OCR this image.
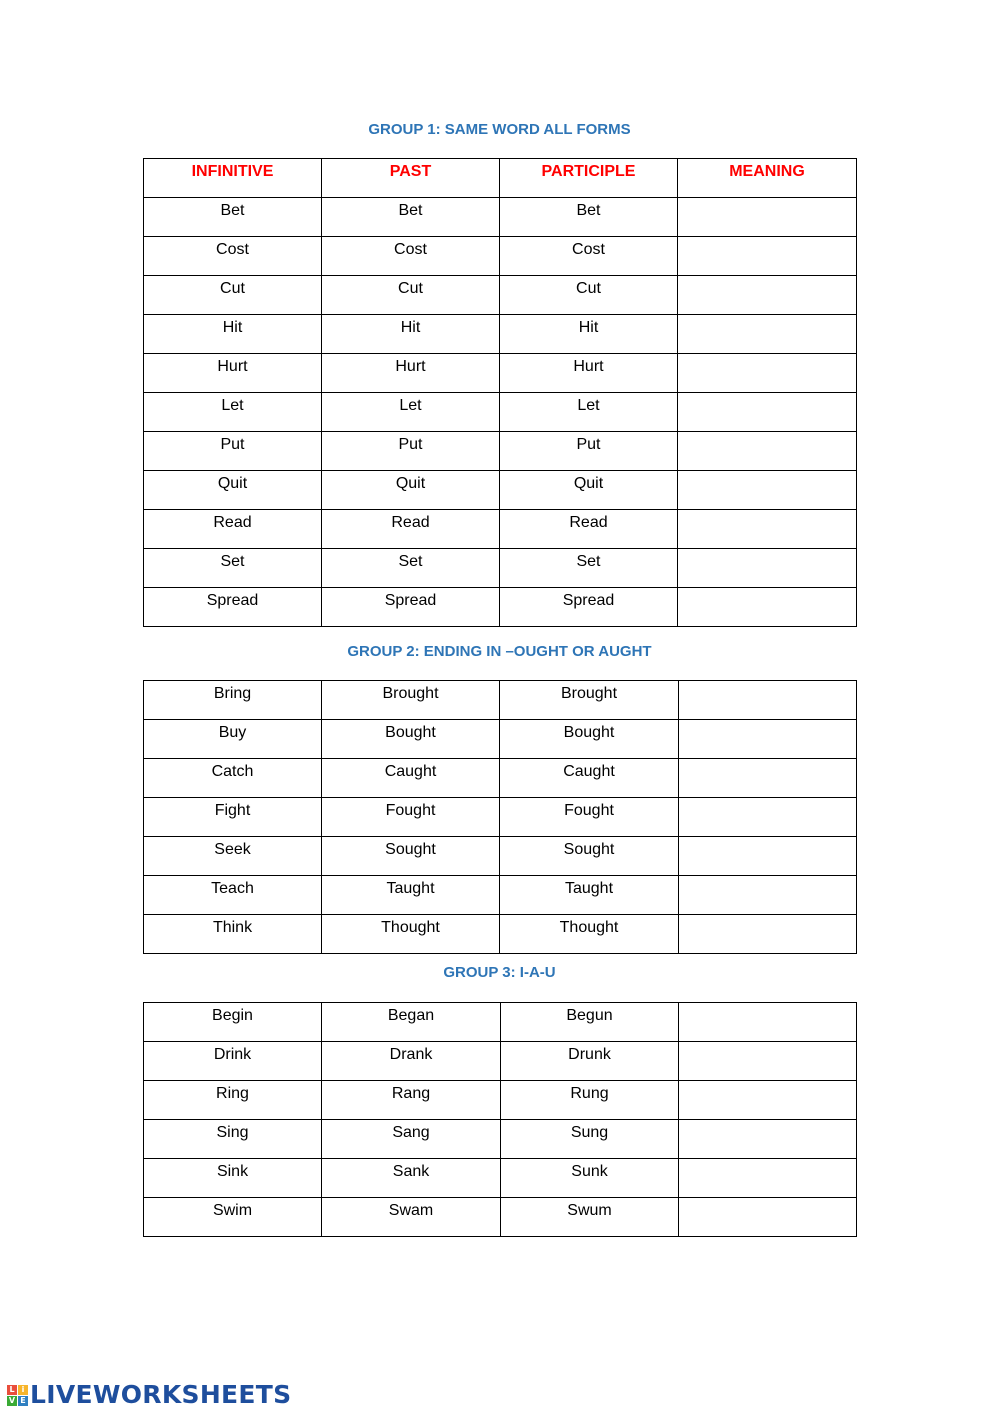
GROUP 1: SAME WORD ALL FORMS
INFINITIVE	PAST	PARTICIPLE	MEANING
Bet	Bet	Bet	
Cost	Cost	Cost	
Cut	Cut	Cut	
Hit	Hit	Hit	
Hurt	Hurt	Hurt	
Let	Let	Let	
Put	Put	Put	
Quit	Quit	Quit	
Read	Read	Read	
Set	Set	Set	
Spread	Spread	Spread	
GROUP 2: ENDING IN –OUGHT OR AUGHT
Bring	Brought	Brought	
Buy	Bought	Bought	
Catch	Caught	Caught	
Fight	Fought	Fought	
Seek	Sought	Sought	
Teach	Taught	Taught	
Think	Thought	Thought	
GROUP 3: I-A-U
Begin	Began	Begun	
Drink	Drank	Drunk	
Ring	Rang	Rung	
Sing	Sang	Sung	
Sink	Sank	Sunk	
Swim	Swam	Swum	
L i
V E LIVEWORKSHEETS
